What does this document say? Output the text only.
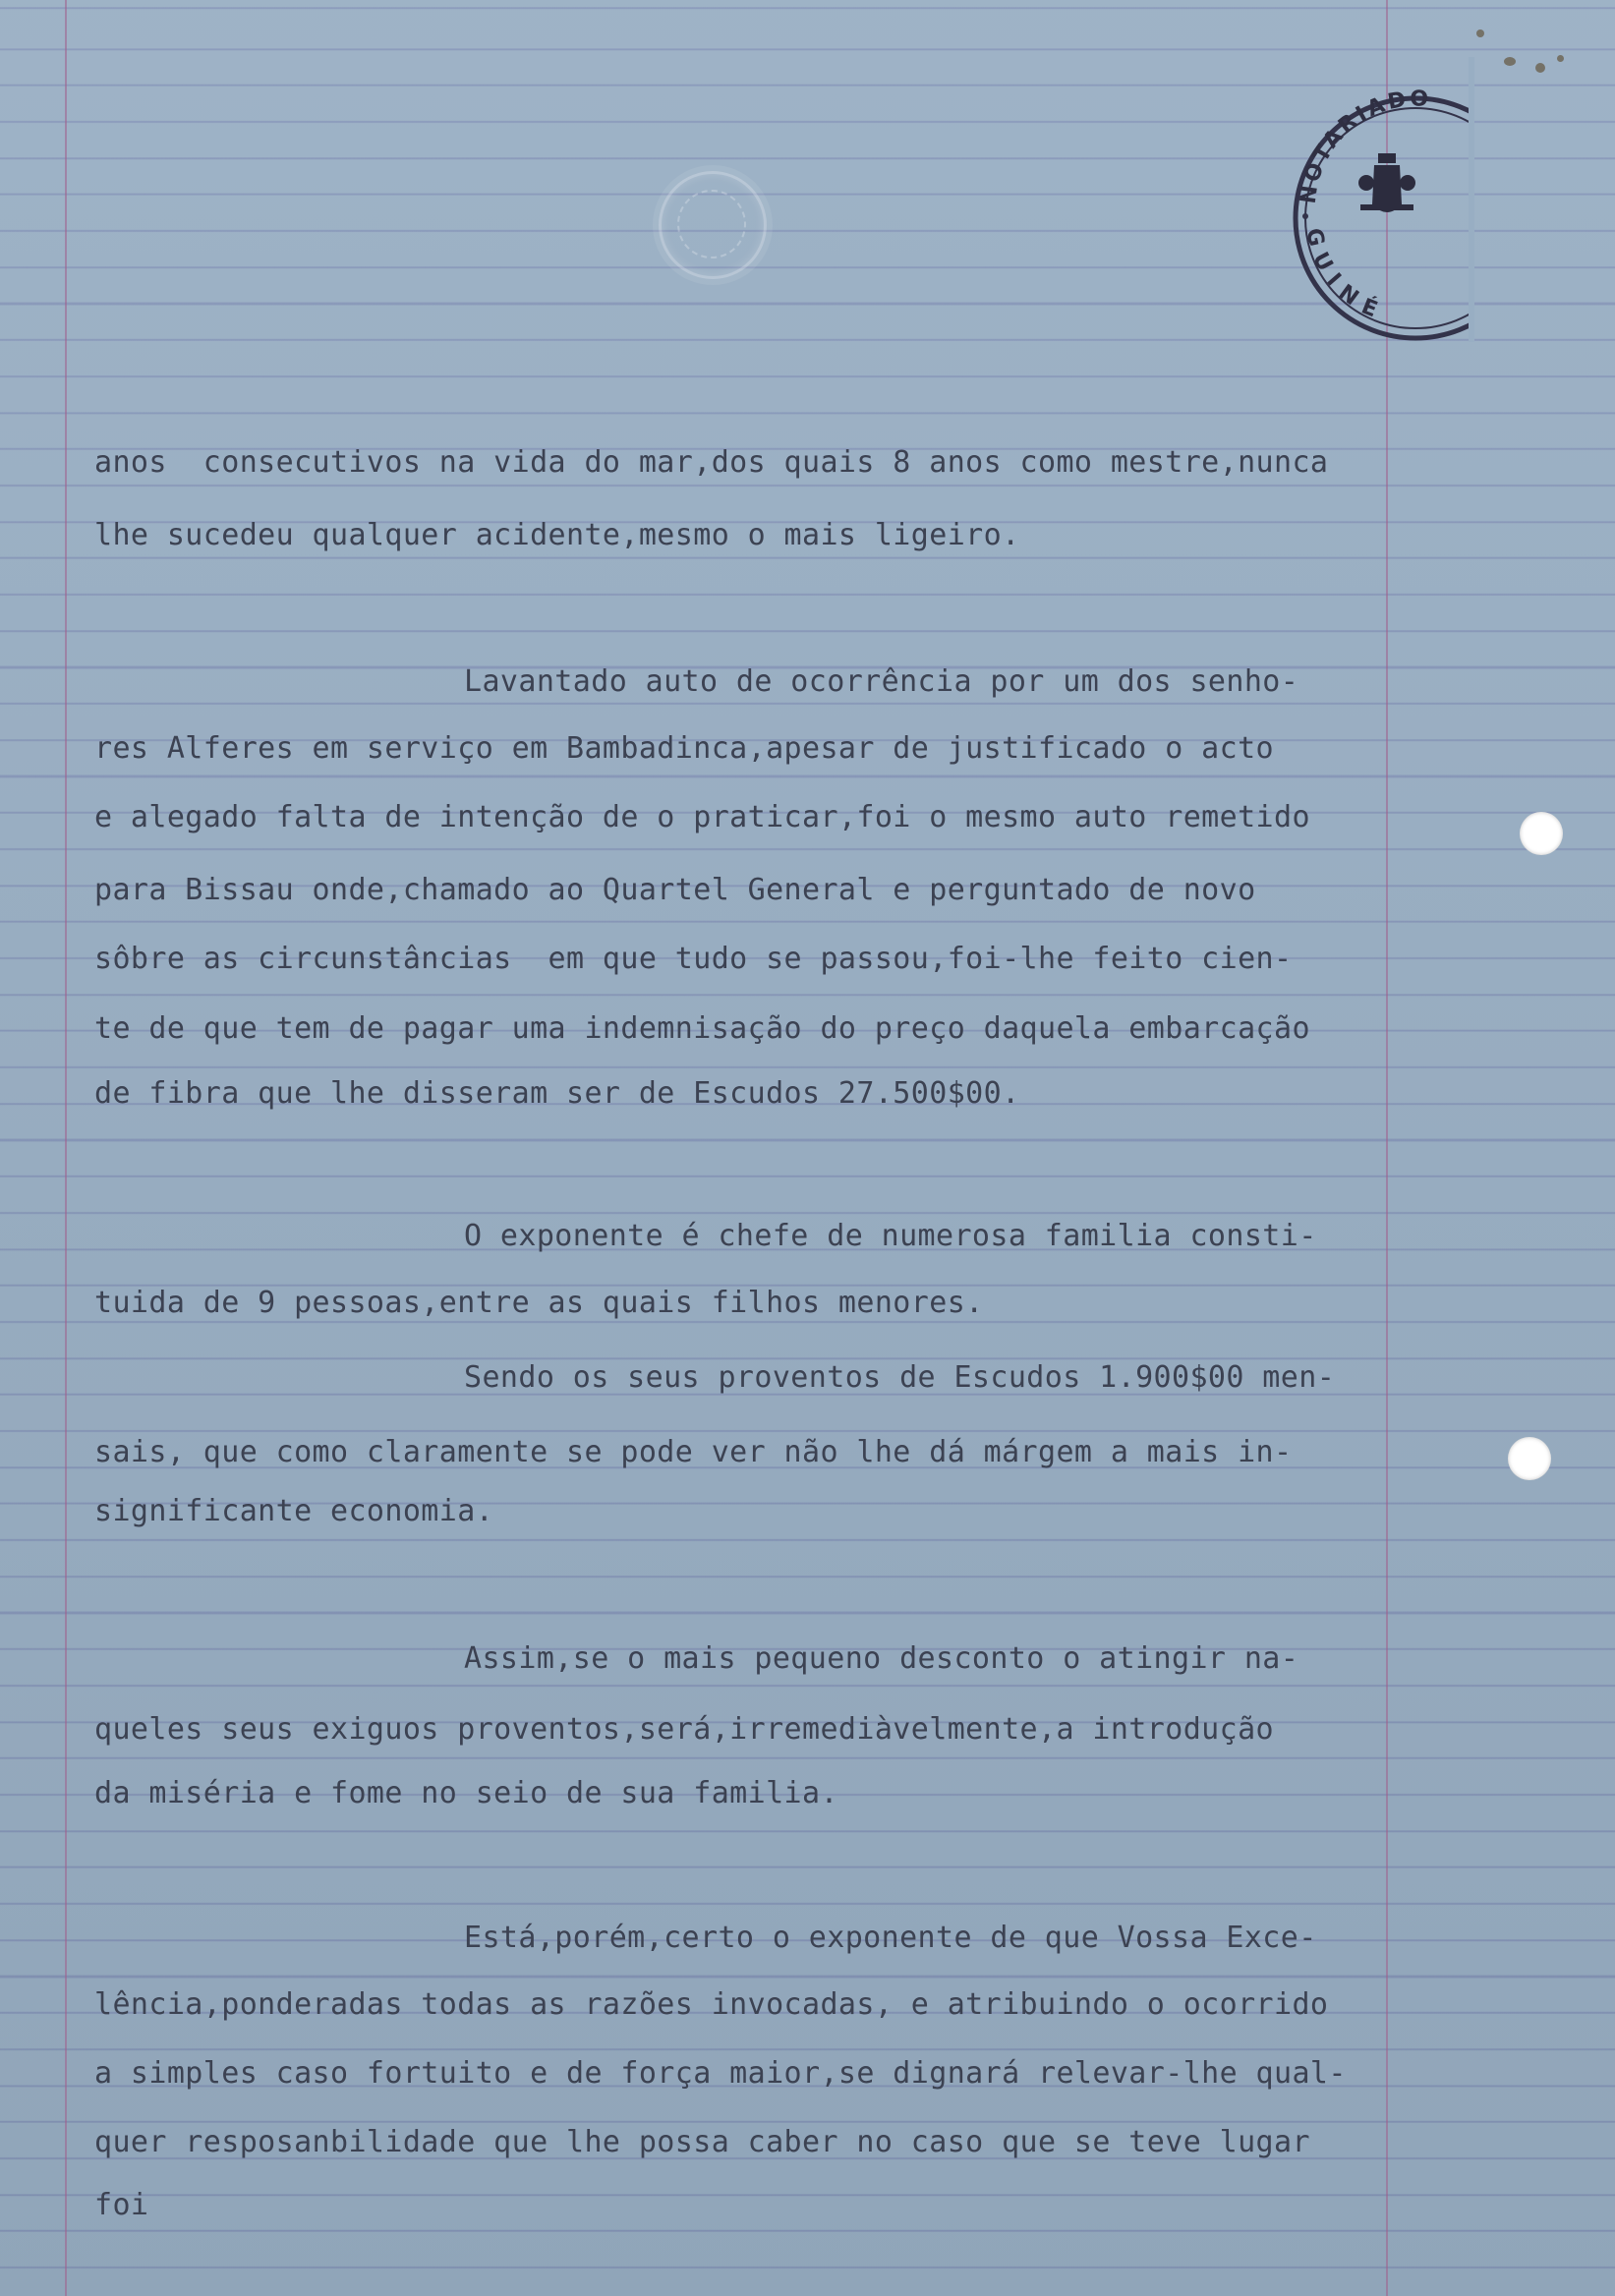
NOTARIADO
GUINÉ
anos  consecutivos na vida do mar,dos quais 8 anos como mestre,nunca
lhe sucedeu qualquer acidente,mesmo o mais ligeiro.
Lavantado auto de ocorrência por um dos senho-
res Alferes em serviço em Bambadinca,apesar de justificado o acto
e alegado falta de intenção de o praticar,foi o mesmo auto remetido
para Bissau onde,chamado ao Quartel General e perguntado de novo
sôbre as circunstâncias  em que tudo se passou,foi-lhe feito cien-
te de que tem de pagar uma indemnisação do preço daquela embarcação
de fibra que lhe disseram ser de Escudos 27.500$00.
O exponente é chefe de numerosa familia consti-
tuida de 9 pessoas,entre as quais filhos menores.
Sendo os seus proventos de Escudos 1.900$00 men-
sais, que como claramente se pode ver não lhe dá márgem a mais in-
significante economia.
Assim,se o mais pequeno desconto o atingir na-
queles seus exiguos proventos,será,irremediàvelmente,a introdução
da miséria e fome no seio de sua familia.
Está,porém,certo o exponente de que Vossa Exce-
lência,ponderadas todas as razões invocadas, e atribuindo o ocorrido
a simples caso fortuito e de força maior,se dignará relevar-lhe qual-
quer resposanbilidade que lhe possa caber no caso que se teve lugar
foi
